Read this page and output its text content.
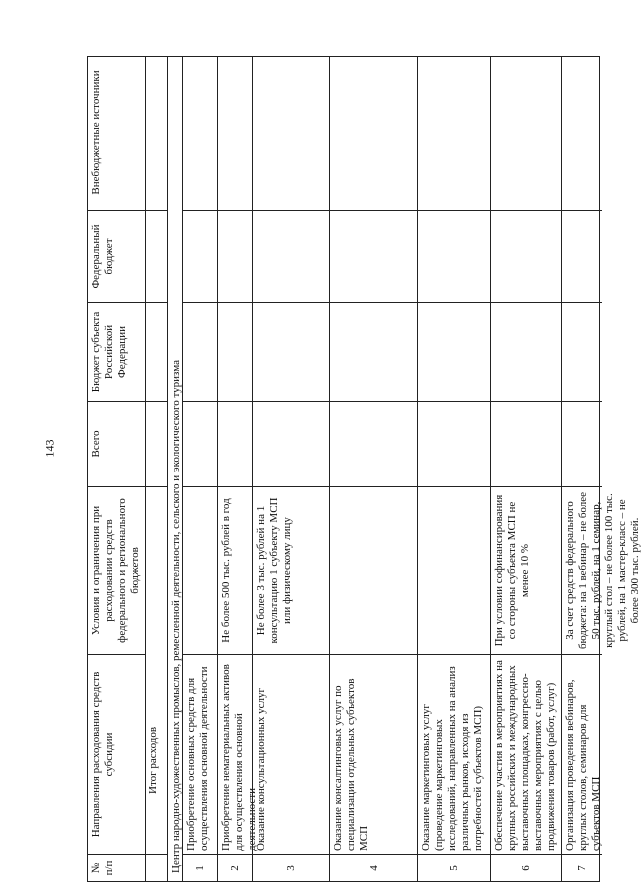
143
№ п/п
Направления расходования средств субсидии
Условия и ограничения при расходовании средств федерального и регионального бюджетов
Всего
Бюджет субъекта Российской Федерации
Федеральный бюджет
Внебюджетные источники
Итог расходов Центр народно-художественных промыслов, ремесленной деятельности, сельского и экологического туризма	1
Приобретение основных средств для осуществления основной деятельности
2
Приобретение нематериальных активов для осуществления основной деятельности
Не более 500 тыс. рублей в год
3
Оказание консультационных услуг
Не более 3 тыс. рублей на 1 консультацию 1 субъекту МСП или физическому лицу
4
Оказание консалтинговых услуг по специализации отдельных субъектов МСП
5
Оказание маркетинговых услуг (проведение маркетинговых исследований, направленных на анализ различных рынков, исходя из потребностей субъектов МСП)
6
Обеспечение участия в мероприятиях на крупных российских и международных выставочных площадках, конгрессно-выставочных мероприятиях с целью продвижения товаров (работ, услуг)
При условии софинансирования со стороны субъекта МСП не менее 10 %
7
Организация проведения вебинаров, круглых столов, семинаров для субъектов МСП
За счет средств федерального бюджета: на 1 вебинар – не более 50 тыс. рублей, на 1 семинар, круглый стол – не более 100 тыс. рублей, на 1 мастер-класс – не более 300 тыс. рублей.
